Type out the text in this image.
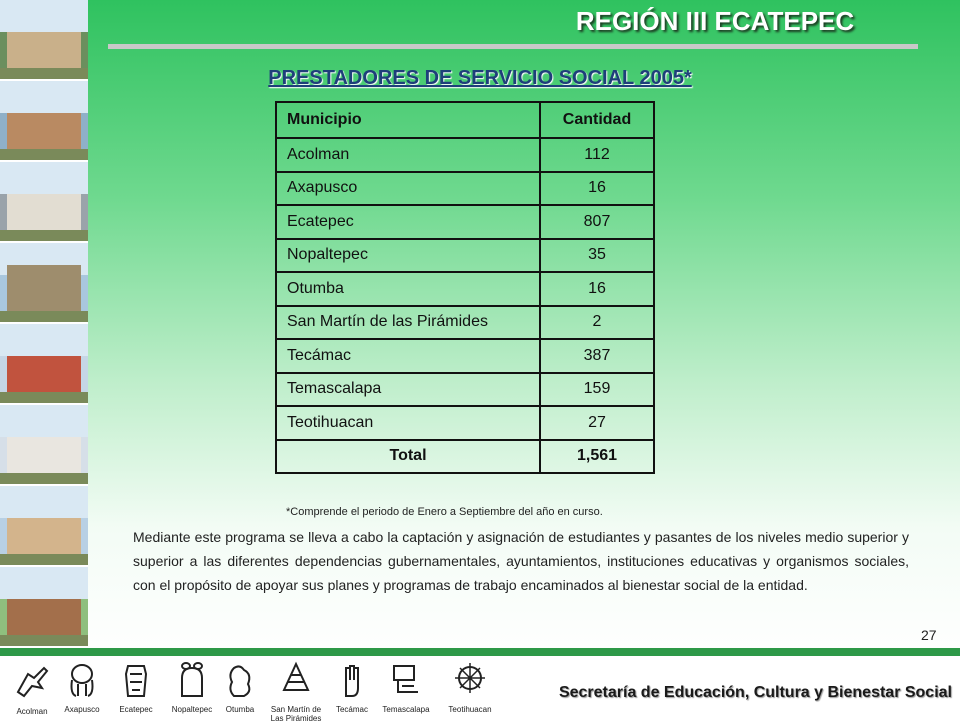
REGIÓN III ECATEPEC
PRESTADORES DE SERVICIO SOCIAL 2005*
Municipio	Cantidad
Acolman	112
Axapusco	16
Ecatepec	807
Nopaltepec	35
Otumba	16
San Martín de las Pirámides	2
Tecámac	387
Temascalapa	159
Teotihuacan	27
Total	1,561
*Comprende el periodo de Enero a Septiembre del año en curso.
Mediante este programa se lleva a cabo la captación y asignación de estudiantes y pasantes de los niveles medio superior y superior a las diferentes dependencias gubernamentales, ayuntamientos, instituciones educativas y organismos sociales, con el propósito de apoyar sus planes y programas de trabajo encaminados al bienestar social de la entidad.
27
Acolman	Axapusco	Ecatepec	Nopaltepec	Otumba	San Martín de Las Pirámides
Tecámac	Temascalapa	Teotihuacan
Secretaría de Educación, Cultura y Bienestar Social
